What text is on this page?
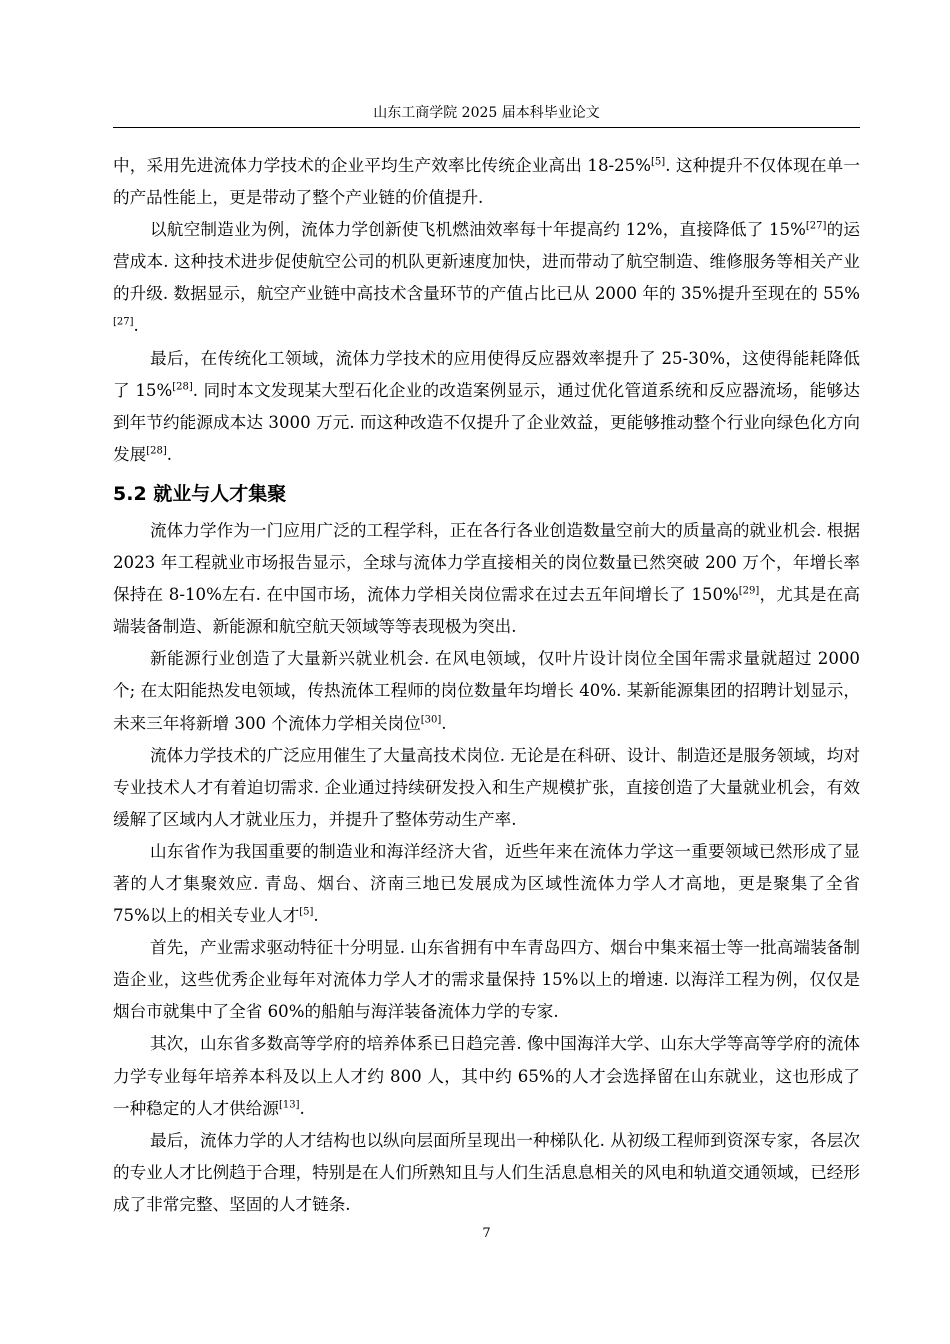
山东工商学院 2025 届本科毕业论文

中，采用先进流体力学技术的企业平均生产效率比传统企业高出 18-25%[5]. 这种提升不仅体现在单一的产品性能上，更是带动了整个产业链的价值提升.

以航空制造业为例，流体力学创新使飞机燃油效率每十年提高约 12%，直接降低了 15%[27]的运营成本. 这种技术进步促使航空公司的机队更新速度加快，进而带动了航空制造、维修服务等相关产业的升级. 数据显示，航空产业链中高技术含量环节的产值占比已从 2000 年的 35%提升至现在的 55%[27].

最后，在传统化工领域，流体力学技术的应用使得反应器效率提升了 25-30%，这使得能耗降低了 15%[28]. 同时本文发现某大型石化企业的改造案例显示，通过优化管道系统和反应器流场，能够达到年节约能源成本达 3000 万元. 而这种改造不仅提升了企业效益，更能够推动整个行业向绿色化方向发展[28].

5.2 就业与人才集聚

流体力学作为一门应用广泛的工程学科，正在各行各业创造数量空前大的质量高的就业机会. 根据 2023 年工程就业市场报告显示，全球与流体力学直接相关的岗位数量已然突破 200 万个，年增长率保持在 8-10%左右. 在中国市场，流体力学相关岗位需求在过去五年间增长了 150%[29]，尤其是在高端装备制造、新能源和航空航天领域等等表现极为突出.

新能源行业创造了大量新兴就业机会. 在风电领域，仅叶片设计岗位全国年需求量就超过 2000 个; 在太阳能热发电领域，传热流体工程师的岗位数量年均增长 40%. 某新能源集团的招聘计划显示，未来三年将新增 300 个流体力学相关岗位[30].

流体力学技术的广泛应用催生了大量高技术岗位. 无论是在科研、设计、制造还是服务领域，均对专业技术人才有着迫切需求. 企业通过持续研发投入和生产规模扩张，直接创造了大量就业机会，有效缓解了区域内人才就业压力，并提升了整体劳动生产率.

山东省作为我国重要的制造业和海洋经济大省，近些年来在流体力学这一重要领域已然形成了显著的人才集聚效应. 青岛、烟台、济南三地已发展成为区域性流体力学人才高地，更是聚集了全省 75%以上的相关专业人才[5].

首先，产业需求驱动特征十分明显. 山东省拥有中车青岛四方、烟台中集来福士等一批高端装备制造企业，这些优秀企业每年对流体力学人才的需求量保持 15%以上的增速. 以海洋工程为例，仅仅是烟台市就集中了全省 60%的船舶与海洋装备流体力学的专家.

其次，山东省多数高等学府的培养体系已日趋完善. 像中国海洋大学、山东大学等高等学府的流体力学专业每年培养本科及以上人才约 800 人，其中约 65%的人才会选择留在山东就业，这也形成了一种稳定的人才供给源[13].

最后，流体力学的人才结构也以纵向层面所呈现出一种梯队化. 从初级工程师到资深专家，各层次的专业人才比例趋于合理，特别是在人们所熟知且与人们生活息息相关的风电和轨道交通领域，已经形成了非常完整、坚固的人才链条.

7
